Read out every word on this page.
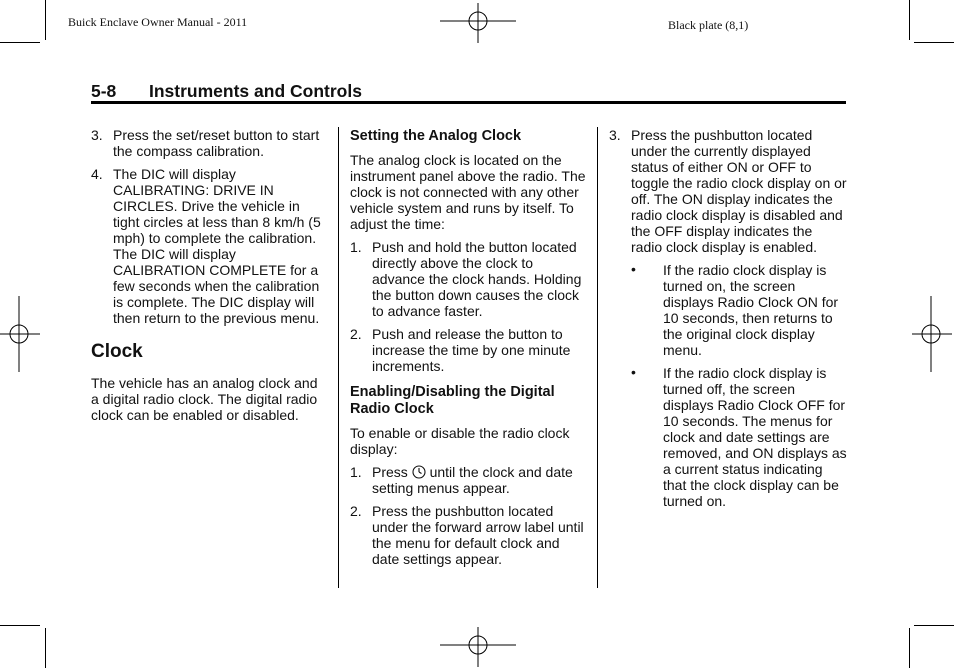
Buick Enclave Owner Manual - 2011	Black plate (8,1)
5-8 Instruments and Controls
3. Press the set/reset button to start the compass calibration.
4. The DIC will display CALIBRATING: DRIVE IN CIRCLES. Drive the vehicle in tight circles at less than 8 km/h (5 mph) to complete the calibration. The DIC will display CALIBRATION COMPLETE for a few seconds when the calibration is complete. The DIC display will then return to the previous menu.
Clock

The vehicle has an analog clock and a digital radio clock. The digital radio clock can be enabled or disabled.

Setting the Analog Clock

The analog clock is located on the instrument panel above the radio. The clock is not connected with any other vehicle system and runs by itself. To adjust the time:

1. Push and hold the button located directly above the clock to advance the clock hands. Holding the button down causes the clock to advance faster.
2. Push and release the button to increase the time by one minute increments.
Enabling/Disabling the Digital Radio Clock

To enable or disable the radio clock display:

1. Press until the clock and date setting menus appear.
2. Press the pushbutton located under the forward arrow label until the menu for default clock and date settings appear.
3. Press the pushbutton located under the currently displayed status of either ON or OFF to toggle the radio clock display on or off. The ON display indicates the radio clock display is disabled and the OFF display indicates the radio clock display is enabled.
• If the radio clock display is turned on, the screen displays Radio Clock ON for 10 seconds, then returns to the original clock display menu.
• If the radio clock display is turned off, the screen displays Radio Clock OFF for 10 seconds. The menus for clock and date settings are removed, and ON displays as a current status indicating that the clock display can be turned on.
